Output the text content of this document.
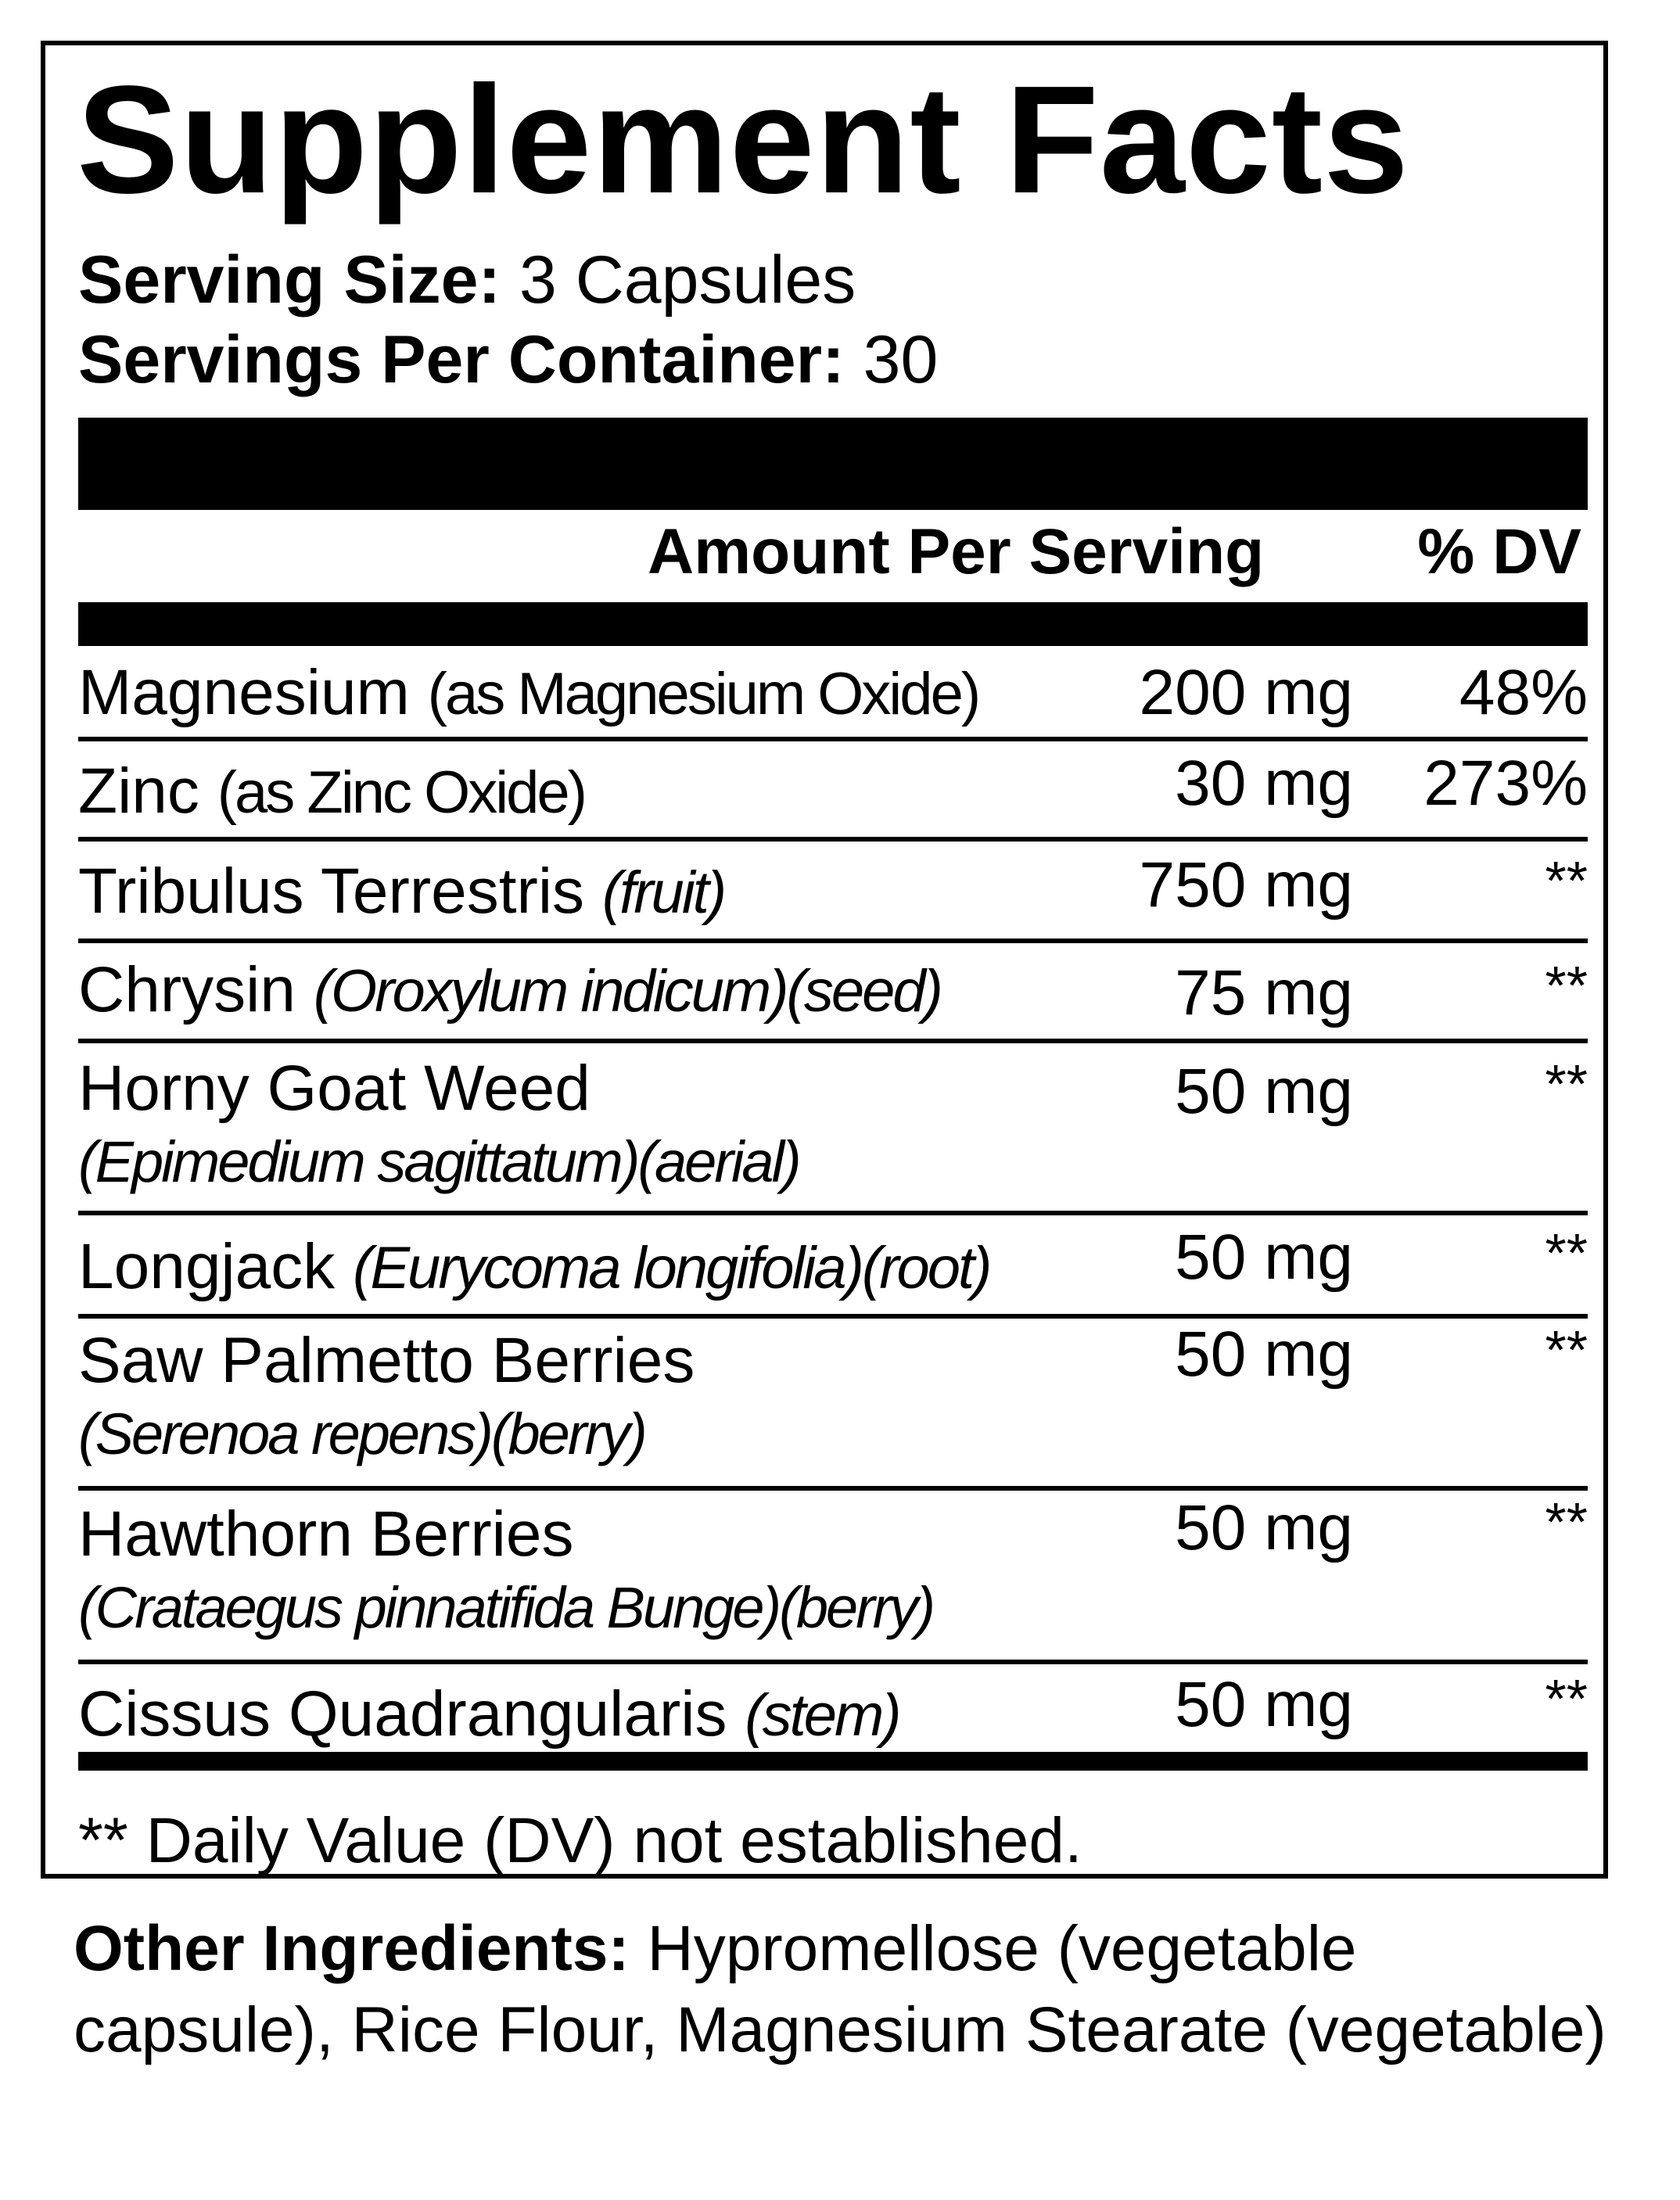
Supplement Facts
Serving Size: 3 Capsules
Servings Per Container: 30
Amount Per Serving % DV
Magnesium (as Magnesium Oxide)	200 mg 48%
Zinc (as Zinc Oxide)	30 mg 273%
Tribulus Terrestris (fruit)	750 mg	**
Chrysin (Oroxylum indicum)(seed)	75 mg	**
Horny Goat Weed
(Epimedium sagittatum)(aerial)
50 mg	**
Longjack (Eurycoma longifolia)(root)	50 mg	**
Saw Palmetto Berries
(Serenoa repens)(berry)
50 mg	**
Hawthorn Berries
(Crataegus pinnatifida Bunge)(berry)
50 mg	**
Cissus Quadrangularis (stem)	50 mg	**
** Daily Value (DV) not established.
Other Ingredients: Hypromellose (vegetable capsule), Rice Flour, Magnesium Stearate (vegetable)
